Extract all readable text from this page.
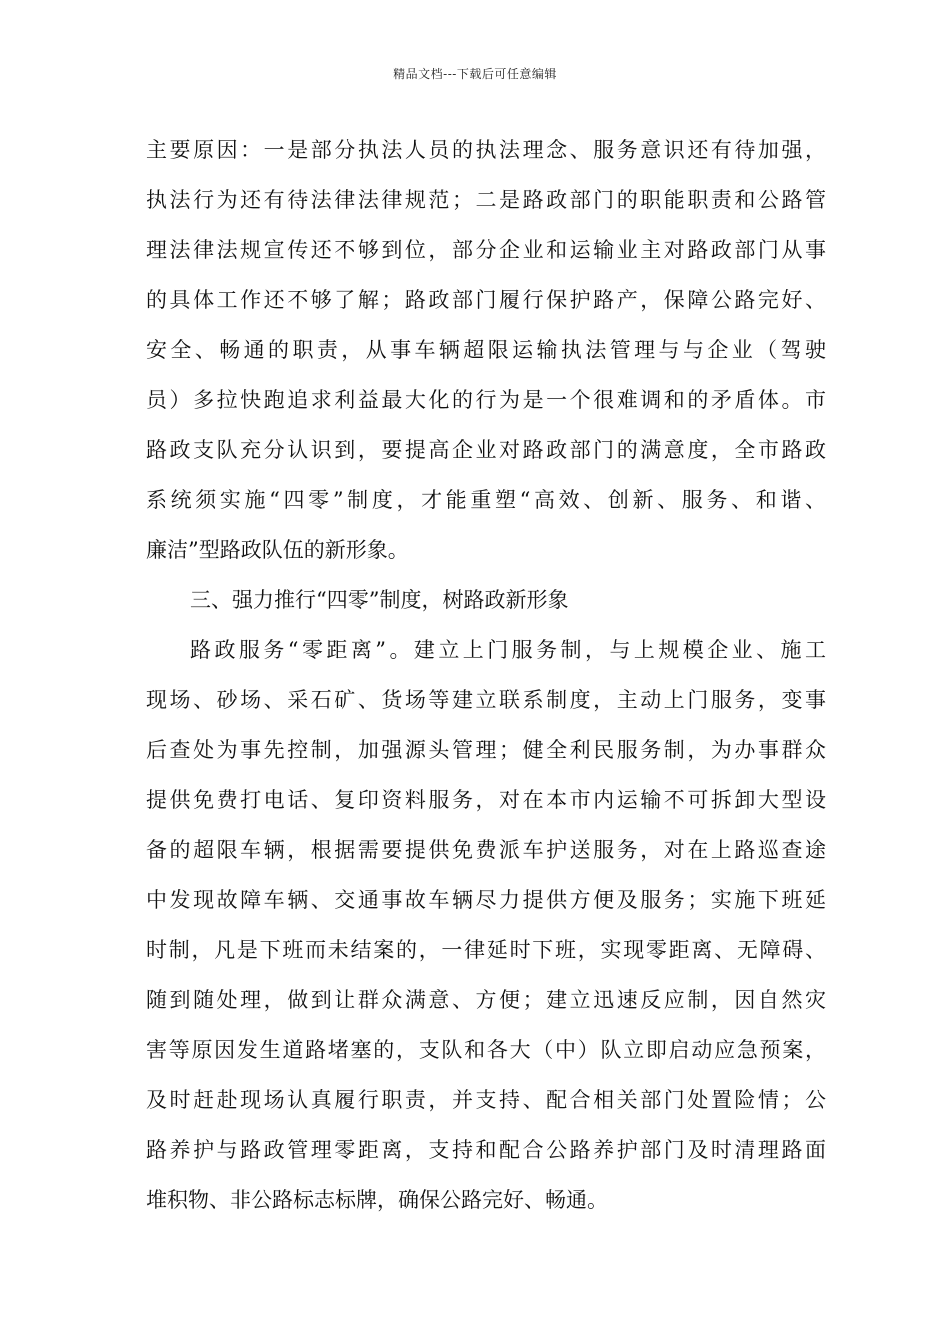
精品文档---下载后可任意编辑
主要原因：一是部分执法人员的执法理念、服务意识还有待加强，
执法行为还有待法律法律规范；二是路政部门的职能职责和公路管
理法律法规宣传还不够到位，部分企业和运输业主对路政部门从事
的具体工作还不够了解；路政部门履行保护路产，保障公路完好、
安全、畅通的职责，从事车辆超限运输执法管理与与企业（驾驶
员）多拉快跑追求利益最大化的行为是一个很难调和的矛盾体。市
路政支队充分认识到，要提高企业对路政部门的满意度，全市路政
系统须实施“四零”制度，才能重塑“高效、创新、服务、和谐、
廉洁”型路政队伍的新形象。
三、强力推行“四零”制度，树路政新形象
路政服务“零距离”。建立上门服务制，与上规模企业、施工
现场、砂场、采石矿、货场等建立联系制度，主动上门服务，变事
后查处为事先控制，加强源头管理；健全利民服务制，为办事群众
提供免费打电话、复印资料服务，对在本市内运输不可拆卸大型设
备的超限车辆，根据需要提供免费派车护送服务，对在上路巡查途
中发现故障车辆、交通事故车辆尽力提供方便及服务；实施下班延
时制，凡是下班而未结案的，一律延时下班，实现零距离、无障碍、
随到随处理，做到让群众满意、方便；建立迅速反应制，因自然灾
害等原因发生道路堵塞的，支队和各大（中）队立即启动应急预案，
及时赶赴现场认真履行职责，并支持、配合相关部门处置险情；公
路养护与路政管理零距离，支持和配合公路养护部门及时清理路面
堆积物、非公路标志标牌，确保公路完好、畅通。
